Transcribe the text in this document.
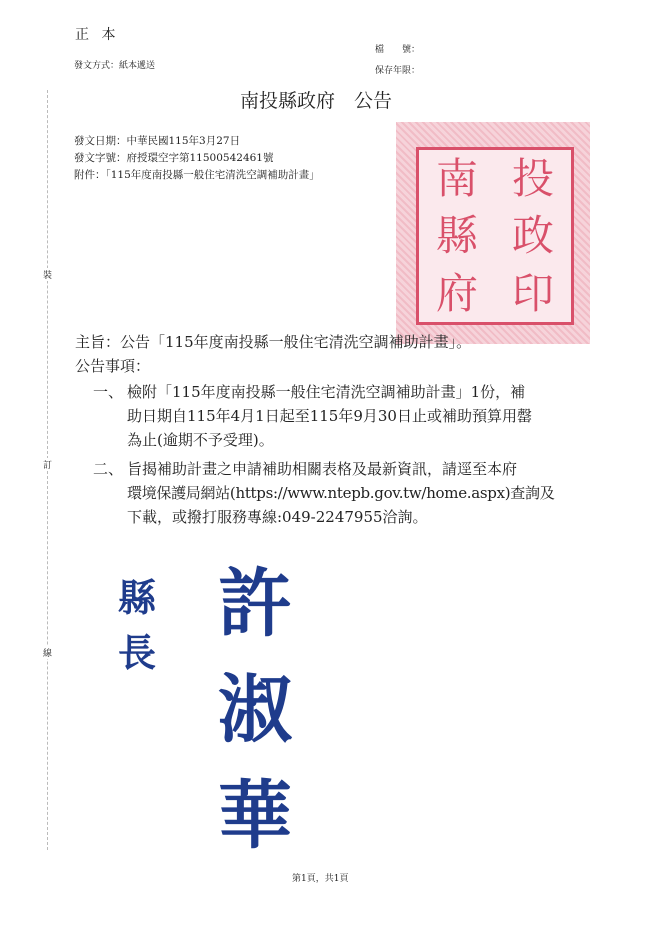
裝
訂
線
正 本
發文方式：紙本遞送
檔　　號：
保存年限：
南投縣政府　公告
發文日期：中華民國115年3月27日
發文字號：府授環空字第11500542461號
附件：「115年度南投縣一般住宅清洗空調補助計畫」	南 投
縣 政
府 印
主旨：公告「115年度南投縣一般住宅清洗空調補助計畫」。
公告事項：
一、 檢附「115年度南投縣一般住宅清洗空調補助計畫」1份，補
助日期自115年4月1日起至115年9月30日止或補助預算用罄
為止(逾期不予受理)。
二、 旨揭補助計畫之申請補助相關表格及最新資訊，請逕至本府
環境保護局網站(https://www.ntepb.gov.tw/home.aspx)查詢及
下載，或撥打服務專線:049-2247955洽詢。
縣長
許淑華
第1頁，共1頁
